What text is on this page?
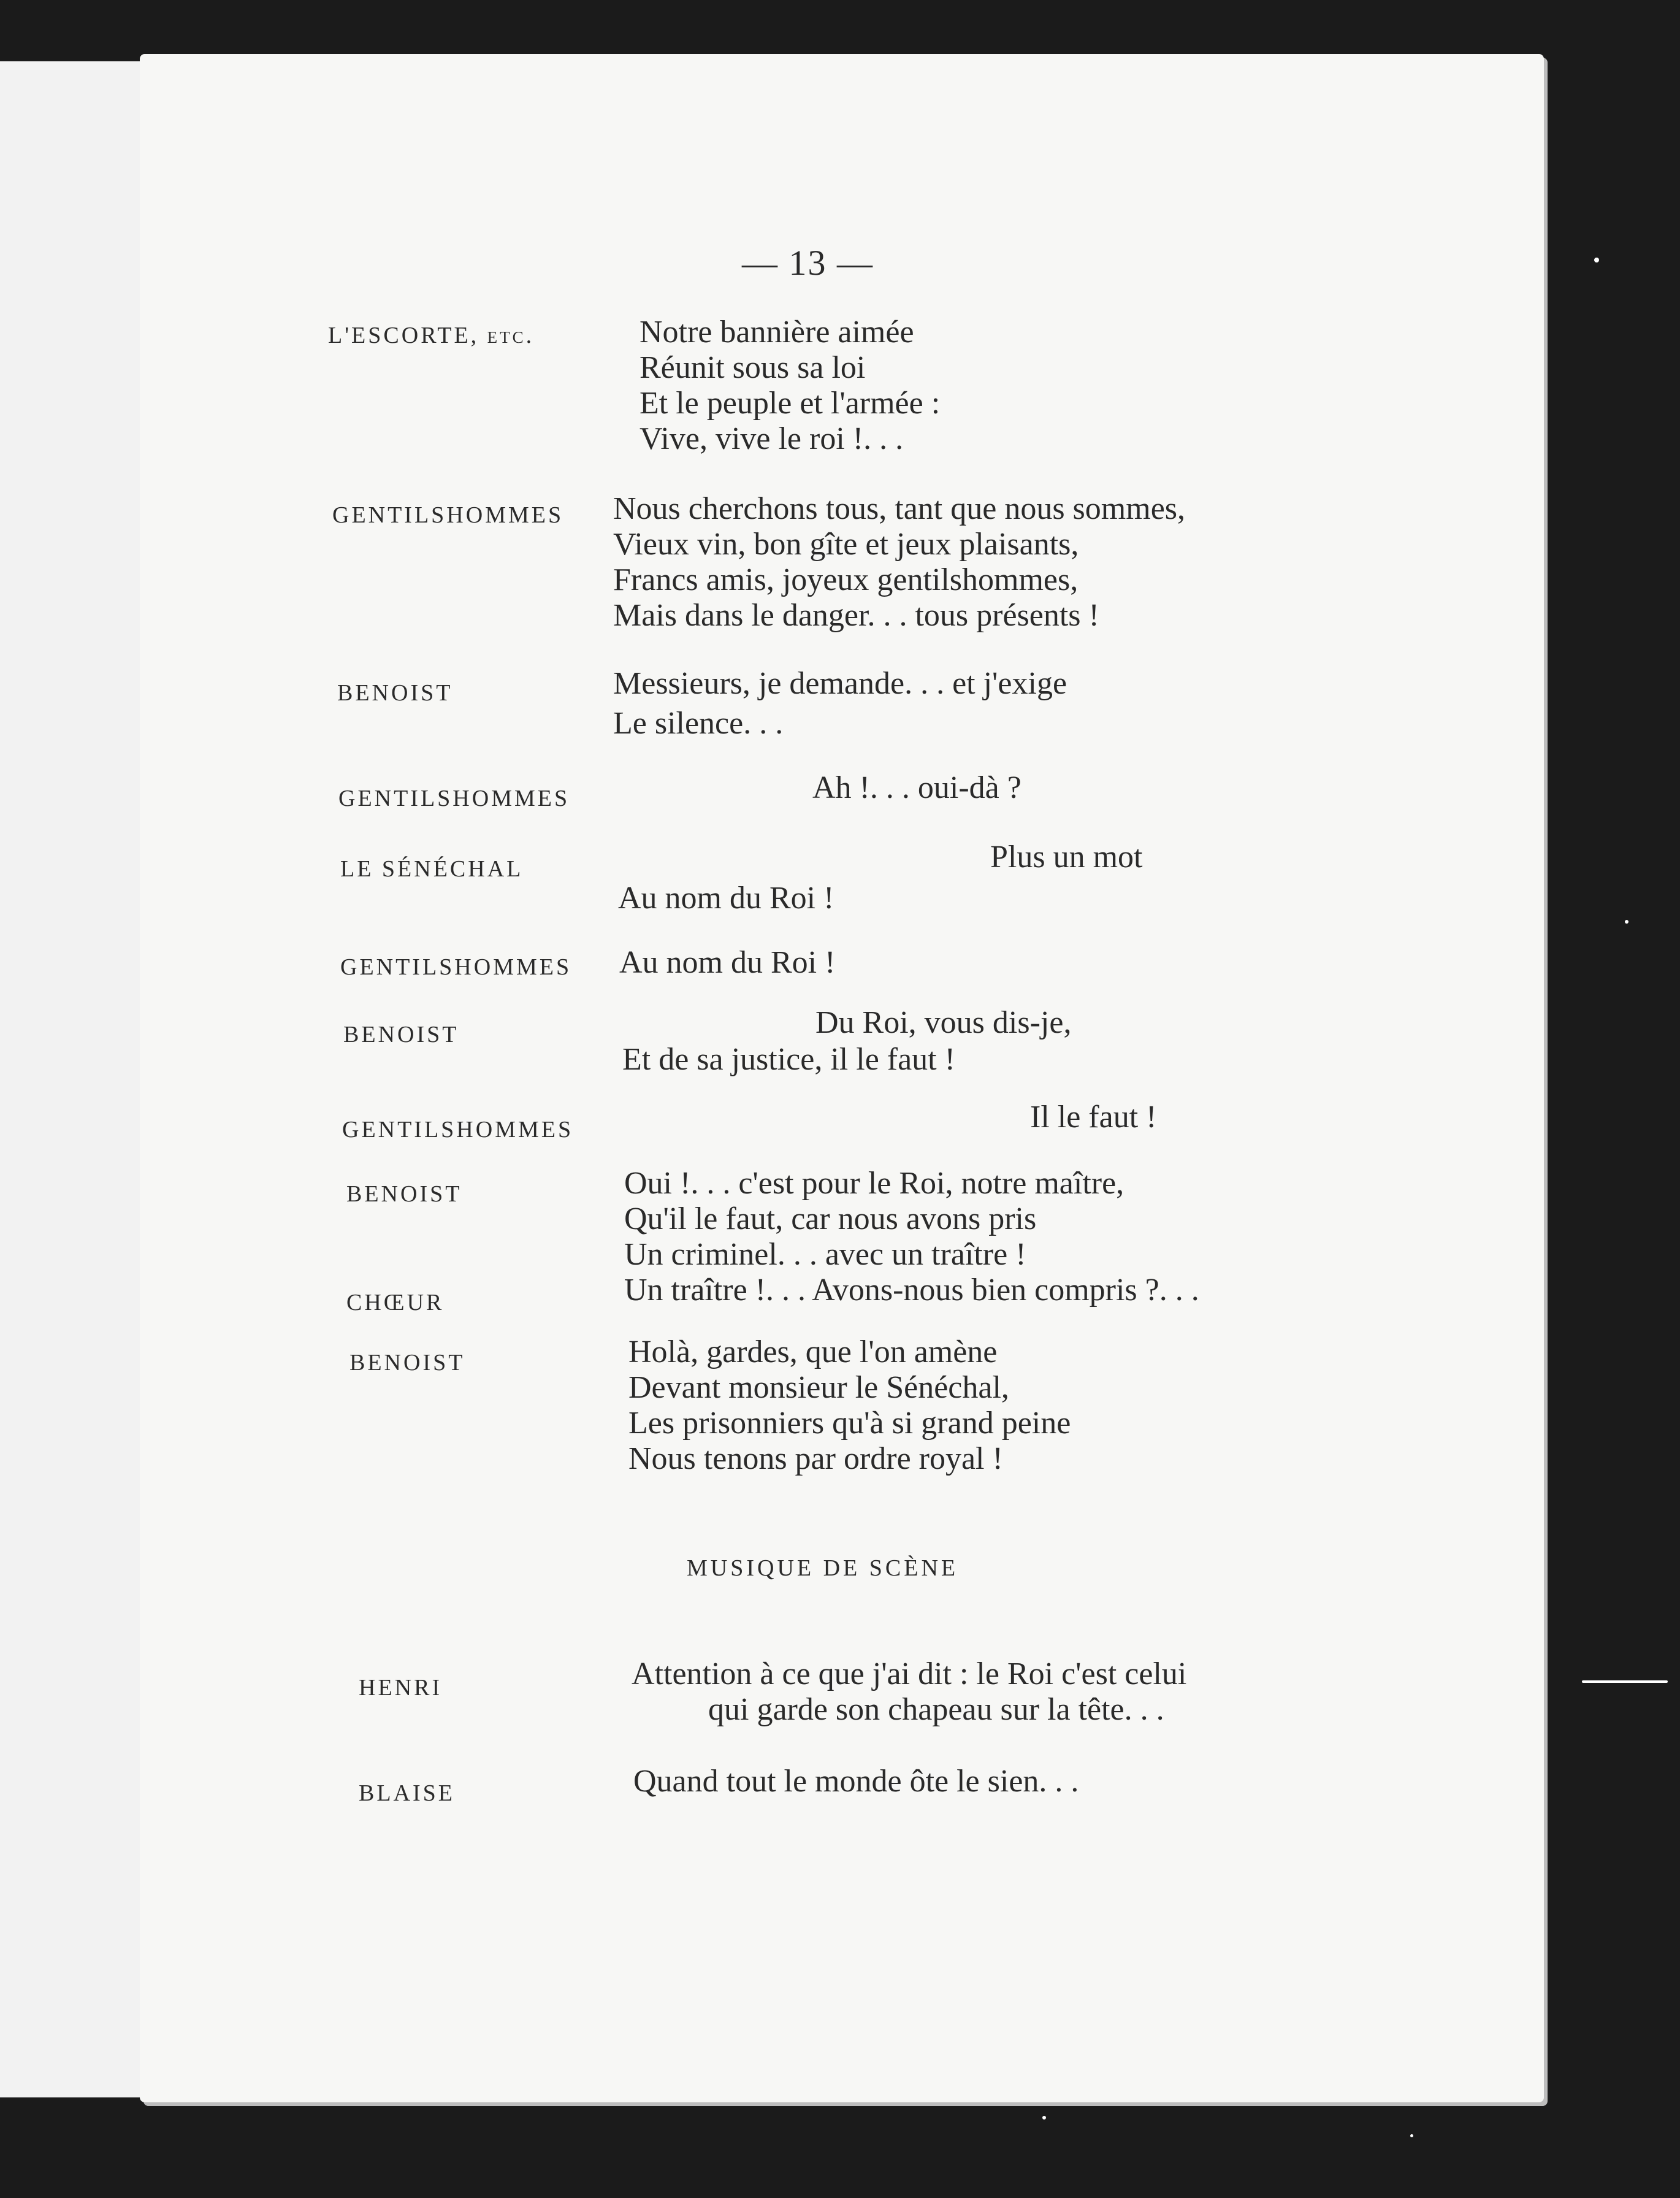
— 13 —
L'ESCORTE, etc.	Notre bannière aimée
Réunit sous sa loi
Et le peuple et l'armée :
Vive, vive le roi !. . .
GENTILSHOMMES Nous cherchons tous, tant que nous sommes,
Vieux vin, bon gîte et jeux plaisants,
Francs amis, joyeux gentilshommes,
Mais dans le danger. . . tous présents !
BENOIST	Messieurs, je demande. . . et j'exige
Le silence. . .
GENTILSHOMMES	Ah !. . . oui-dà ?
LE SÉNÉCHAL	Plus un mot
Au nom du Roi !
GENTILSHOMMES Au nom du Roi !
BENOIST	Du Roi, vous dis-je,
Et de sa justice, il le faut !
GENTILSHOMMES	Il le faut !
BENOIST	Oui !. . . c'est pour le Roi, notre maître,
Qu'il le faut, car nous avons pris
Un criminel. . . avec un traître !
CHŒUR	Un traître !. . . Avons-nous bien compris ?. . .
BENOIST	Holà, gardes, que l'on amène
Devant monsieur le Sénéchal,
Les prisonniers qu'à si grand peine
Nous tenons par ordre royal !
MUSIQUE DE SCÈNE
HENRI	Attention à ce que j'ai dit : le Roi c'est celui
qui garde son chapeau sur la tête. . .
BLAISE	Quand tout le monde ôte le sien. . .
